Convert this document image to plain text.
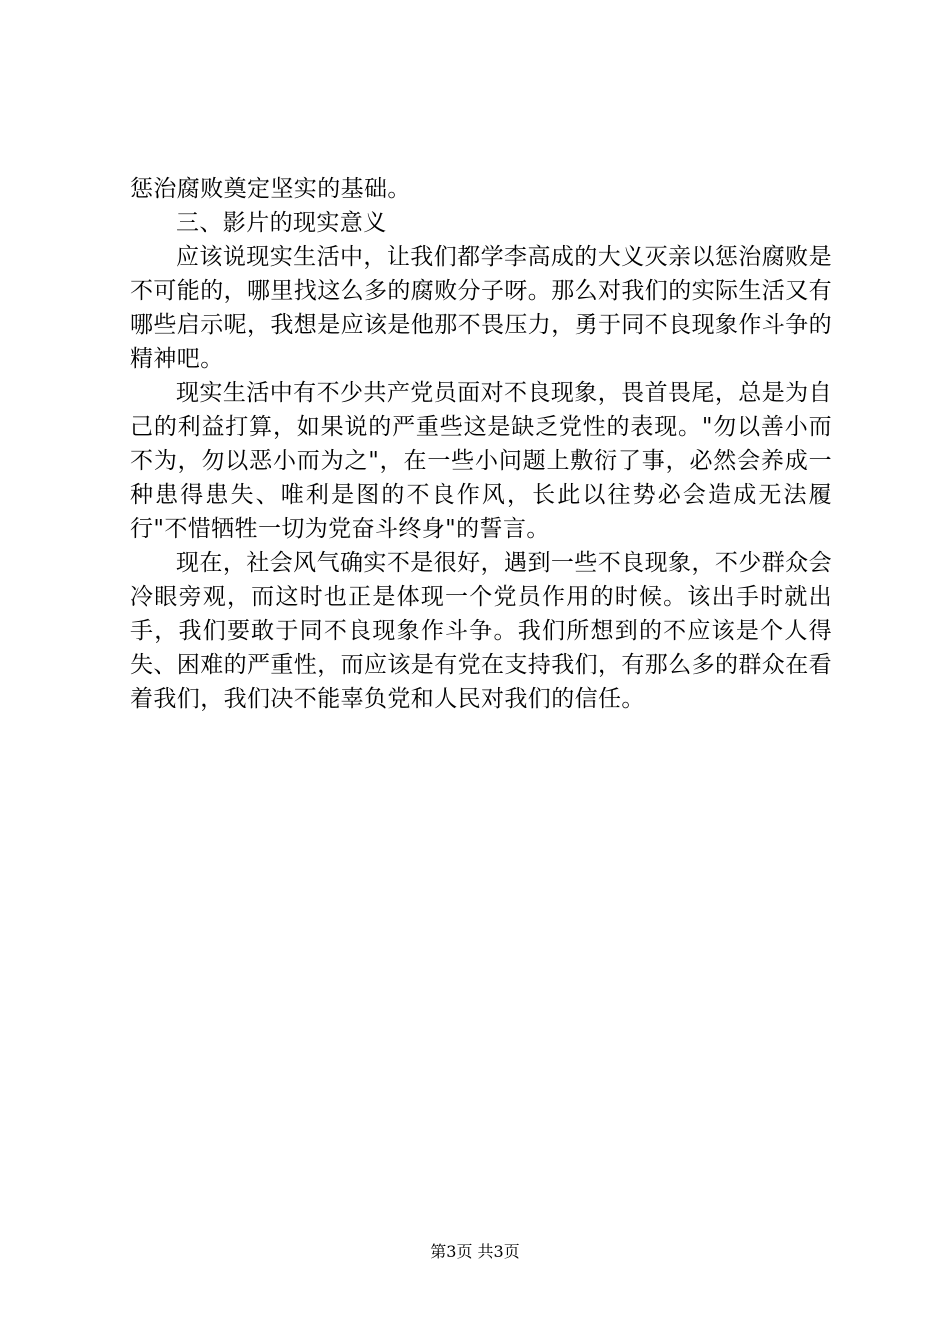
惩治腐败奠定坚实的基础。

三、影片的现实意义

应该说现实生活中，让我们都学李高成的大义灭亲以惩治腐败是不可能的，哪里找这么多的腐败分子呀。那么对我们的实际生活又有哪些启示呢，我想是应该是他那不畏压力，勇于同不良现象作斗争的精神吧。

现实生活中有不少共产党员面对不良现象，畏首畏尾，总是为自己的利益打算，如果说的严重些这是缺乏党性的表现。"勿以善小而不为，勿以恶小而为之"，在一些小问题上敷衍了事，必然会养成一种患得患失、唯利是图的不良作风，长此以往势必会造成无法履行"不惜牺牲一切为党奋斗终身"的誓言。

现在，社会风气确实不是很好，遇到一些不良现象，不少群众会冷眼旁观，而这时也正是体现一个党员作用的时候。该出手时就出手，我们要敢于同不良现象作斗争。我们所想到的不应该是个人得失、困难的严重性，而应该是有党在支持我们，有那么多的群众在看着我们，我们决不能辜负党和人民对我们的信任。

第3页 共3页
